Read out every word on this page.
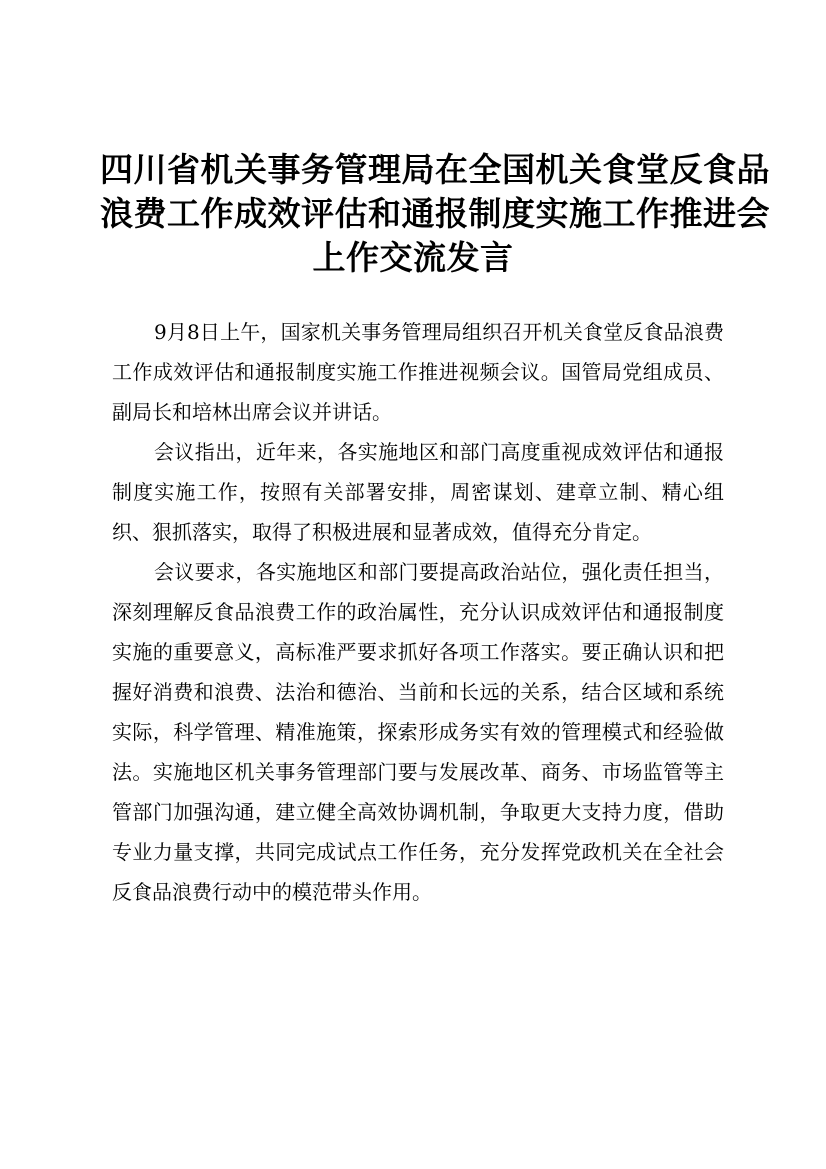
四川省机关事务管理局在全国机关食堂反食品
浪费工作成效评估和通报制度实施工作推进会
上作交流发言

9月8日上午，国家机关事务管理局组织召开机关食堂反食品浪费工作成效评估和通报制度实施工作推进视频会议。国管局党组成员、副局长和培林出席会议并讲话。

会议指出，近年来，各实施地区和部门高度重视成效评估和通报制度实施工作，按照有关部署安排，周密谋划、建章立制、精心组织、狠抓落实，取得了积极进展和显著成效，值得充分肯定。

会议要求，各实施地区和部门要提高政治站位，强化责任担当，深刻理解反食品浪费工作的政治属性，充分认识成效评估和通报制度实施的重要意义，高标准严要求抓好各项工作落实。要正确认识和把握好消费和浪费、法治和德治、当前和长远的关系，结合区域和系统实际，科学管理、精准施策，探索形成务实有效的管理模式和经验做法。实施地区机关事务管理部门要与发展改革、商务、市场监管等主管部门加强沟通，建立健全高效协调机制，争取更大支持力度，借助专业力量支撑，共同完成试点工作任务，充分发挥党政机关在全社会反食品浪费行动中的模范带头作用。
